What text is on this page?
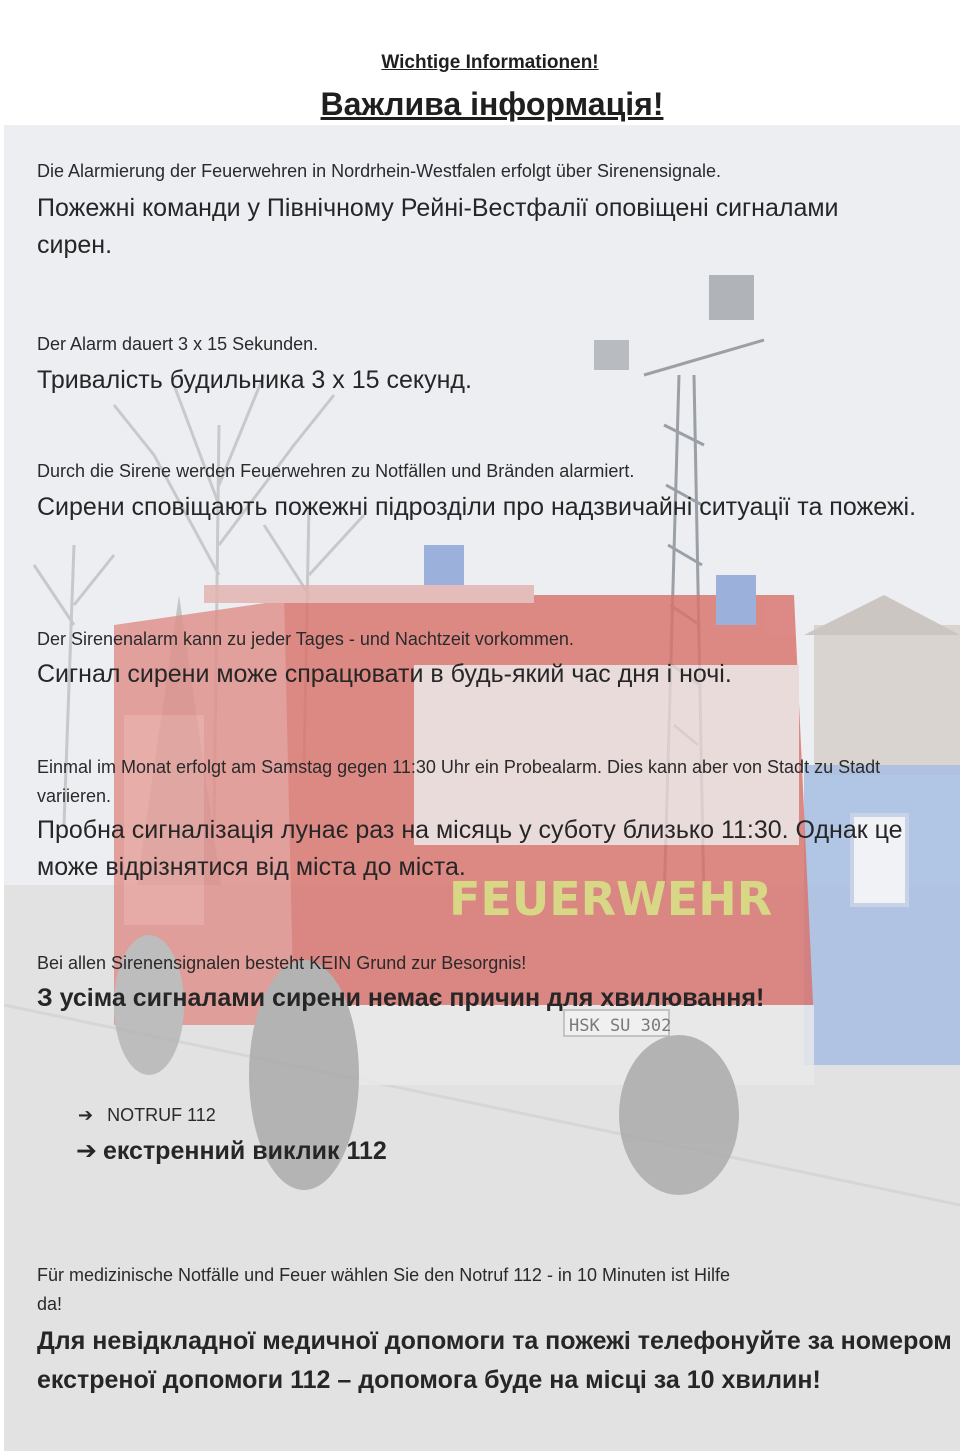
FEUERWEHR
HSK SU 302
Wichtige Informationen!
Важлива інформація!
Die Alarmierung der Feuerwehren in Nordrhein-Westfalen erfolgt über Sirenensignale.
Пожежні команди у Північному Рейні-Вестфалії оповіщені сигналами сирен.
Der Alarm dauert 3 x 15 Sekunden.
Тривалість будильника 3 х 15 секунд.
Durch die Sirene werden Feuerwehren zu Notfällen und Bränden alarmiert.
Сирени сповіщають пожежні підрозділи про надзвичайні ситуації та пожежі.
Der Sirenenalarm kann zu jeder Tages - und Nachtzeit vorkommen.
Сигнал сирени може спрацювати в будь-який час дня і ночі.
Einmal im Monat erfolgt am Samstag gegen 11:30 Uhr ein Probealarm. Dies kann aber von Stadt zu Stadt variieren.
Пробна сигналізація лунає раз на місяць у суботу близько 11:30. Однак це може відрізнятися від міста до міста.
Bei allen Sirenensignalen besteht KEIN Grund zur Besorgnis!
З усіма сигналами сирени немає причин для хвилювання!
➔ NOTRUF 112
➔ екстренний виклик 112
Für medizinische Notfälle und Feuer wählen Sie den Notruf 112 - in 10 Minuten ist Hilfe da!
Для невідкладної медичної допомоги та пожежі телефонуйте за номером екстреної допомоги 112 – допомога буде на місці за 10 хвилин!
